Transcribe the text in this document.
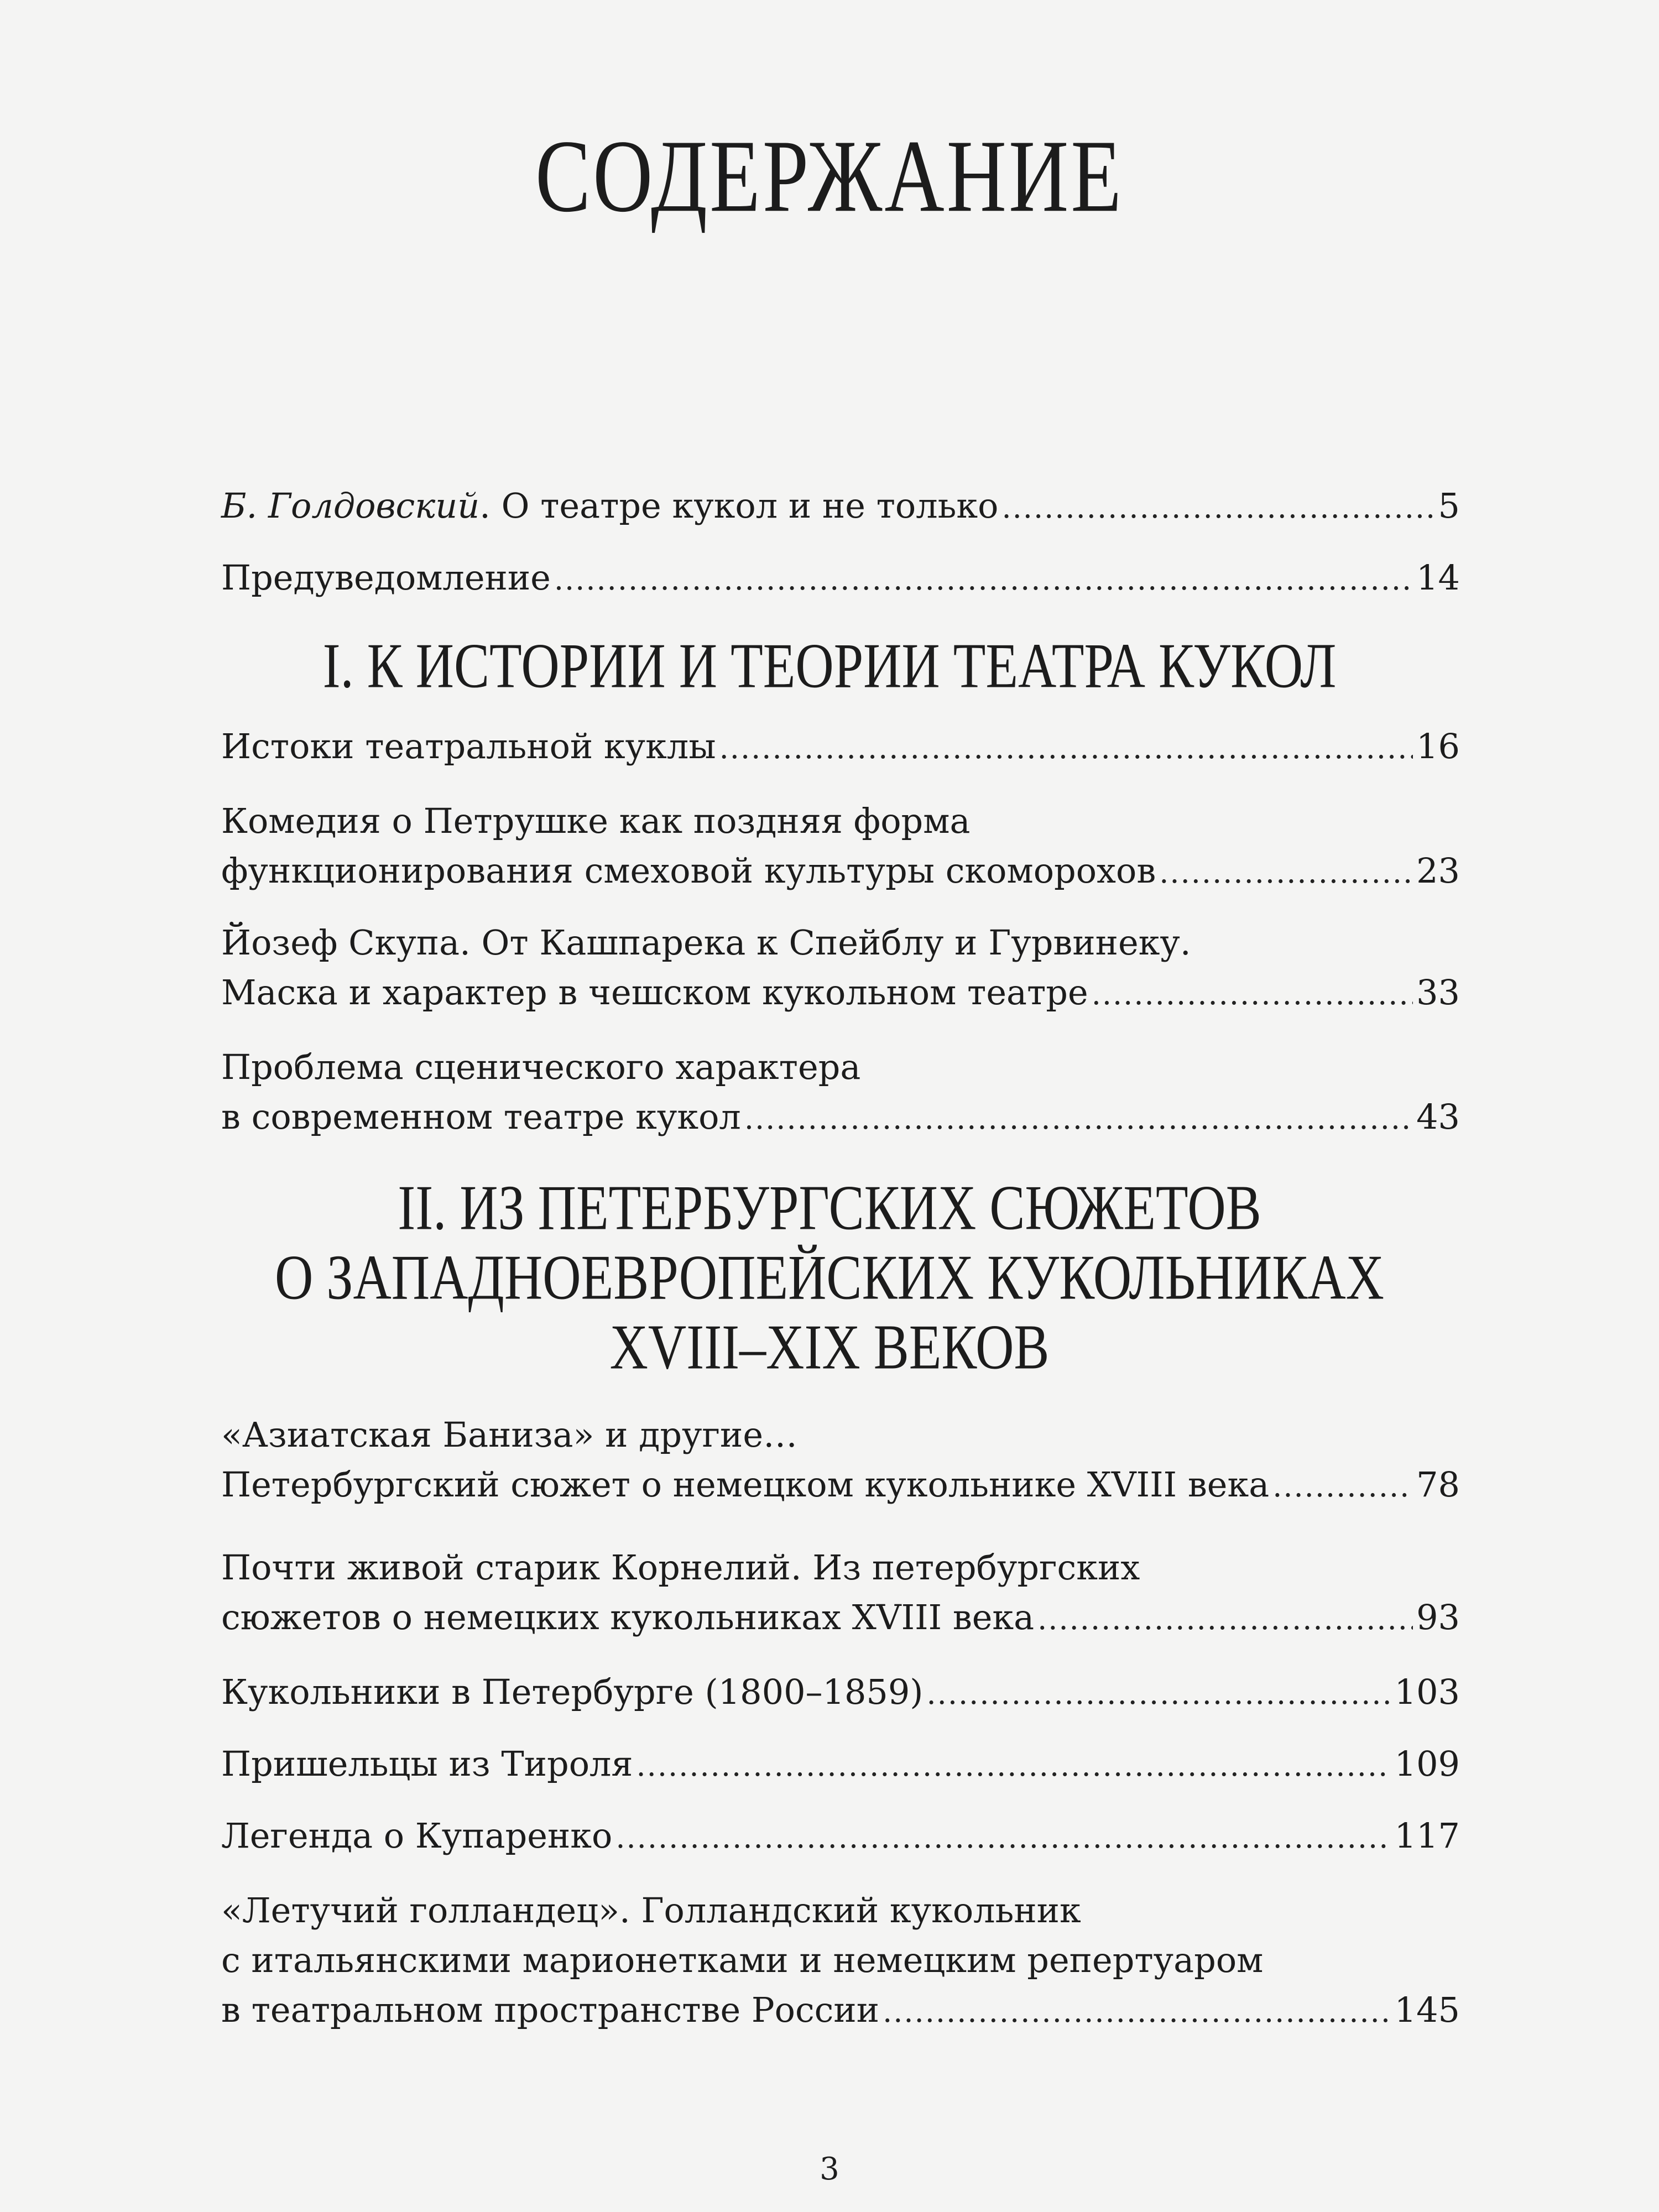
СОДЕРЖАНИЕ
Б. Голдовский. О театре кукол и не только .....	5
Предуведомление .....	14
I. К ИСТОРИИ И ТЕОРИИ ТЕАТРА КУКОЛ
Истоки театральной куклы .....	16
Комедия о Петрушке как поздняя форма
функционирования смеховой культуры скоморохов .....	23
Йозеф Скупа. От Кашпарека к Спейблу и Гурвинеку.
Маска и характер в чешском кукольном театре .....	33
Проблема сценического характера
в современном театре кукол .....	43
II. ИЗ ПЕТЕРБУРГСКИХ СЮЖЕТОВ
О ЗАПАДНОЕВРОПЕЙСКИХ КУКОЛЬНИКАХ
XVIII–XIX ВЕКОВ
«Азиатская Баниза» и другие…
Петербургский сюжет о немецком кукольнике XVIII века .....	78
Почти живой старик Корнелий. Из петербургских
сюжетов о немецких кукольниках XVIII века .....	93
Кукольники в Петербурге (1800–1859) .....	103
Пришельцы из Тироля .....	109
Легенда о Купаренко .....	117
«Летучий голландец». Голландский кукольник
с итальянскими марионетками и немецким репертуаром
в театральном пространстве России .....	145
3
